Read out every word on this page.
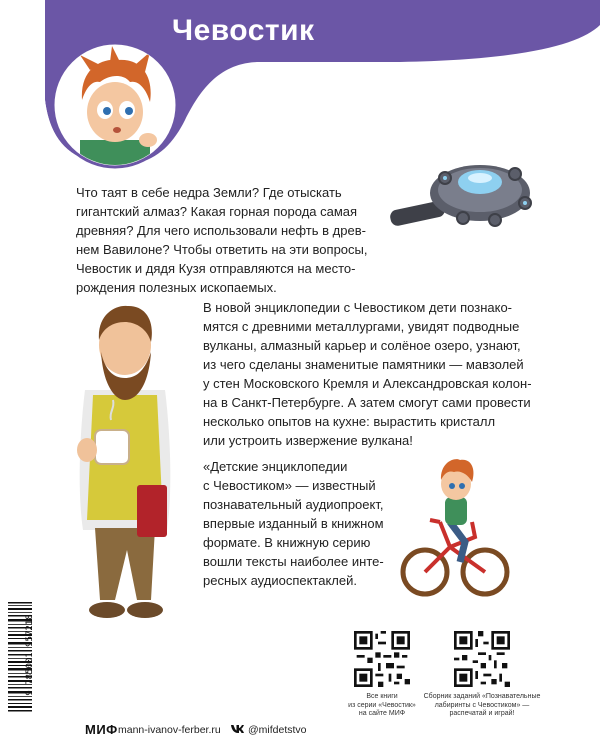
Чевостик
Что таят в себе недра Земли? Где отыскать
гигантский алмаз? Какая горная порода самая
древняя? Для чего использовали нефть в древ-
нем Вавилоне? Чтобы ответить на эти вопросы,
Чевостик и дядя Кузя отправляются на место-
рождения полезных ископаемых.
В новой энциклопедии с Чевостиком дети познако-
мятся с древними металлургами, увидят подводные
вулканы, алмазный карьер и солёное озеро, узнают,
из чего сделаны знаменитые памятники — мавзолей
у стен Московского Кремля и Александровская колон-
на в Санкт-Петербурге. А затем смогут сами провести
несколько опытов на кухне: вырастить кристалл
или устроить извержение вулкана!
«Детские энциклопедии
с Чевостиком» — известный
познавательный аудиопроект,
впервые изданный в книжном
формате. В книжную серию
вошли тексты наиболее инте-
ресных аудиоспектаклей.
9 785001 957218
Все книги
из серии «Чевостик»
на сайте МИФ
Сборник заданий «Познавательные
лабиринты с Чевостиком» —
распечатай и играй!
МИФ mann-ivanov-ferber.ru	@mifdetstvo
